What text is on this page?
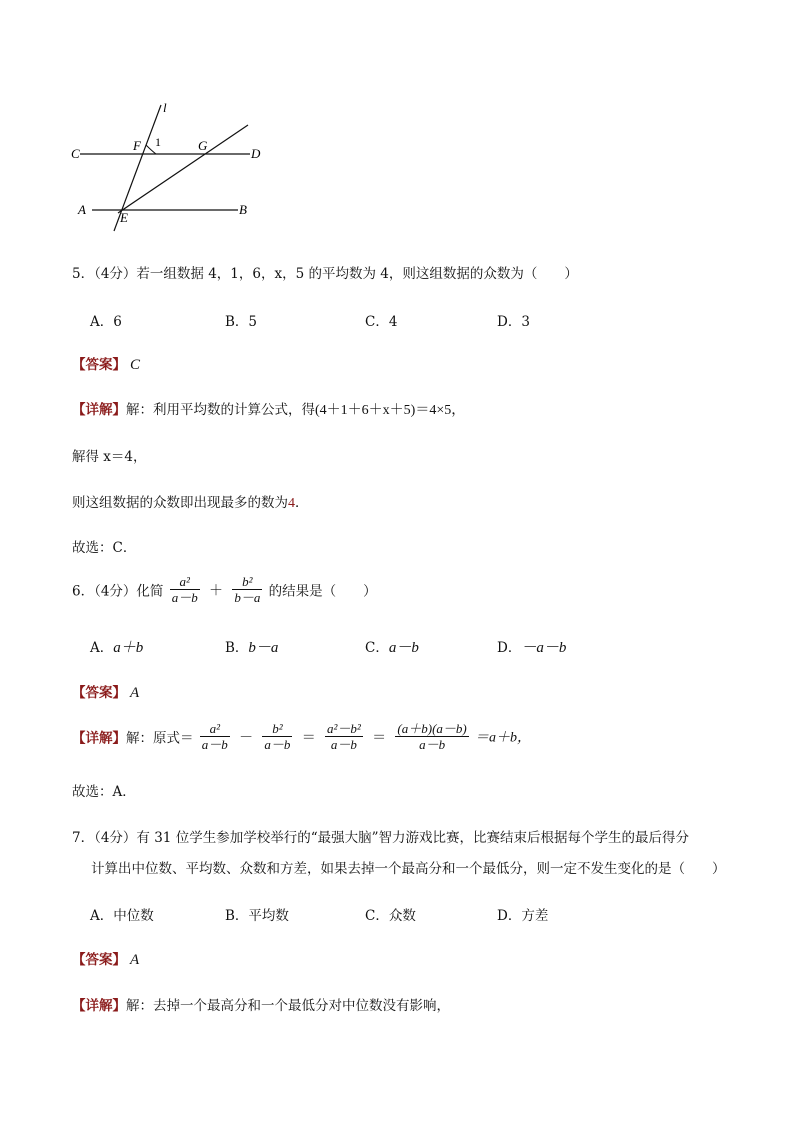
l
1
F	G
C	D
A
E
B
5．（4分）若一组数据 4，1，6，x，5 的平均数为 4，则这组数据的众数为（　　）
A．6	B．5	C．4	D．3
【答案】 C
【详解】解：利用平均数的计算公式，得(4＋1＋6＋x＋5)＝4×5，
解得 x＝4，
则这组数据的众数即出现最多的数为4．
故选：C．
6．（4分）化简 $\frac{\text{a²}}{a-b} + \frac{\text{b²}}{b-a}$ 的结果是（　　）
A．a＋b	B．b－a	C．a－b	D．－a－b
【答案】 A
【详解】解：原式＝ $\frac{\text{a²}}{a-b} - \frac{\text{b²}}{a-b} = \frac{\text{a²－b²}}{a-b} = \frac{(a+b)(a-b)}{a-b} =a+b$，
故选：A．
7．（4分）有 31 位学生参加学校举行的“最强大脑”智力游戏比赛，比赛结束后根据每个学生的最后得分
计算出中位数、平均数、众数和方差，如果去掉一个最高分和一个最低分，则一定不发生变化的是（　　）
A．中位数	B．平均数	C．众数	D．方差
【答案】 A
【详解】解：去掉一个最高分和一个最低分对中位数没有影响，
